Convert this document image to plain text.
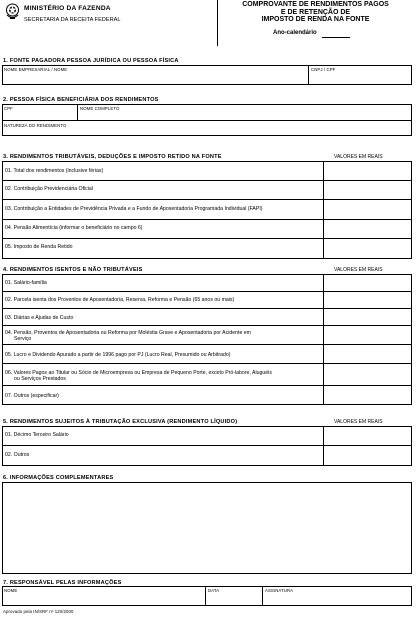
MINISTÉRIO DA FAZENDA
SECRETARIA DA RECEITA FEDERAL
COMPROVANTE DE RENDIMENTOS PAGOS
E DE RETENÇÃO DE
IMPOSTO DE RENDA NA FONTE
Ano-calendário
1. FONTE PAGADORA PESSOA JURÍDICA OU PESSOA FÍSICA
NOME EMPRESARIAL / NOME	CNPJ / CPF
2. PESSOA FÍSICA BENEFICIÁRIA DOS RENDIMENTOS
CPF	NOME COMPLETO
NATUREZA DO RENDIMENTO
3. RENDIMENTOS TRIBUTÁVEIS, DEDUÇÕES E IMPOSTO RETIDO NA FONTE	VALORES EM REAIS
01. Total dos rendimentos (inclusive férias)
02. Contribuição Previdenciária Oficial
03. Contribuição a Entidades de Previdência Privada e a Fundo de Aposentadoria Programada Individual (FAPI)
04. Pensão Alimentícia (informar o beneficiário no campo 6)
05. Imposto de Renda Retido
4. RENDIMENTOS ISENTOS E NÃO TRIBUTÁVEIS	VALORES EM REAIS
01. Salário-família
02. Parcela isenta dos Proventos de Aposentadoria, Reserva, Reforma e Pensão (65 anos ou mais)
03. Diárias e Ajudas de Custo
04. Pensão, Proventos de Aposentadoria ou Reforma por Moléstia Grave e Aposentadoria por Acidente em
Serviço
05. Lucro e Dividendo Apurado a partir de 1996 pago por PJ (Lucro Real, Presumido ou Arbitrado)
06. Valores Pagos ao Titular ou Sócio de Microempresa ou Empresa de Pequeno Porte, exceto Pró-labore, Aluguéis
ou Serviços Prestados
07. Outros (especificar)
5. RENDIMENTOS SUJEITOS À TRIBUTAÇÃO EXCLUSIVA (RENDIMENTO LÍQUIDO)	VALORES EM REAIS
01. Décimo Terceiro Salário
02. Outros
6. INFORMAÇÕES COMPLEMENTARES
7. RESPONSÁVEL PELAS INFORMAÇÕES
NOME	DATA	ASSINATURA
Aprovado pela IN/SRF nº 120/2000
